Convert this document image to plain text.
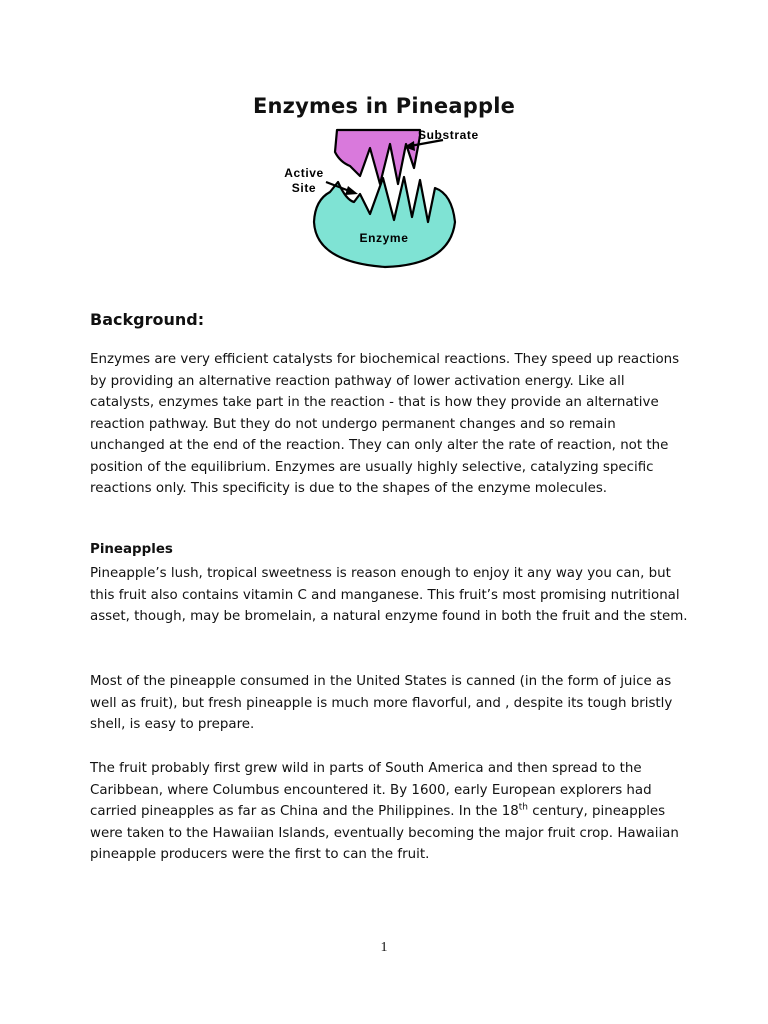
Enzymes in Pineapple
Substrate
Active
Site
Enzyme
Background:

Enzymes are very efficient catalysts for biochemical reactions. They speed up reactions by providing an alternative reaction pathway of lower activation energy. Like all catalysts, enzymes take part in the reaction - that is how they provide an alternative reaction pathway. But they do not undergo permanent changes and so remain unchanged at the end of the reaction. They can only alter the rate of reaction, not the position of the equilibrium. Enzymes are usually highly selective, catalyzing specific reactions only. This specificity is due to the shapes of the enzyme molecules.

Pineapples

Pineapple’s lush, tropical sweetness is reason enough to enjoy it any way you can, but this fruit also contains vitamin C and manganese. This fruit’s most promising nutritional asset, though, may be bromelain, a natural enzyme found in both the fruit and the stem.

Most of the pineapple consumed in the United States is canned (in the form of juice as well as fruit), but fresh pineapple is much more flavorful, and , despite its tough bristly shell, is easy to prepare.

The fruit probably first grew wild in parts of South America and then spread to the Caribbean, where Columbus encountered it. By 1600, early European explorers had carried pineapples as far as China and the Philippines. In the 18th century, pineapples were taken to the Hawaiian Islands, eventually becoming the major fruit crop. Hawaiian pineapple producers were the first to can the fruit.

1
